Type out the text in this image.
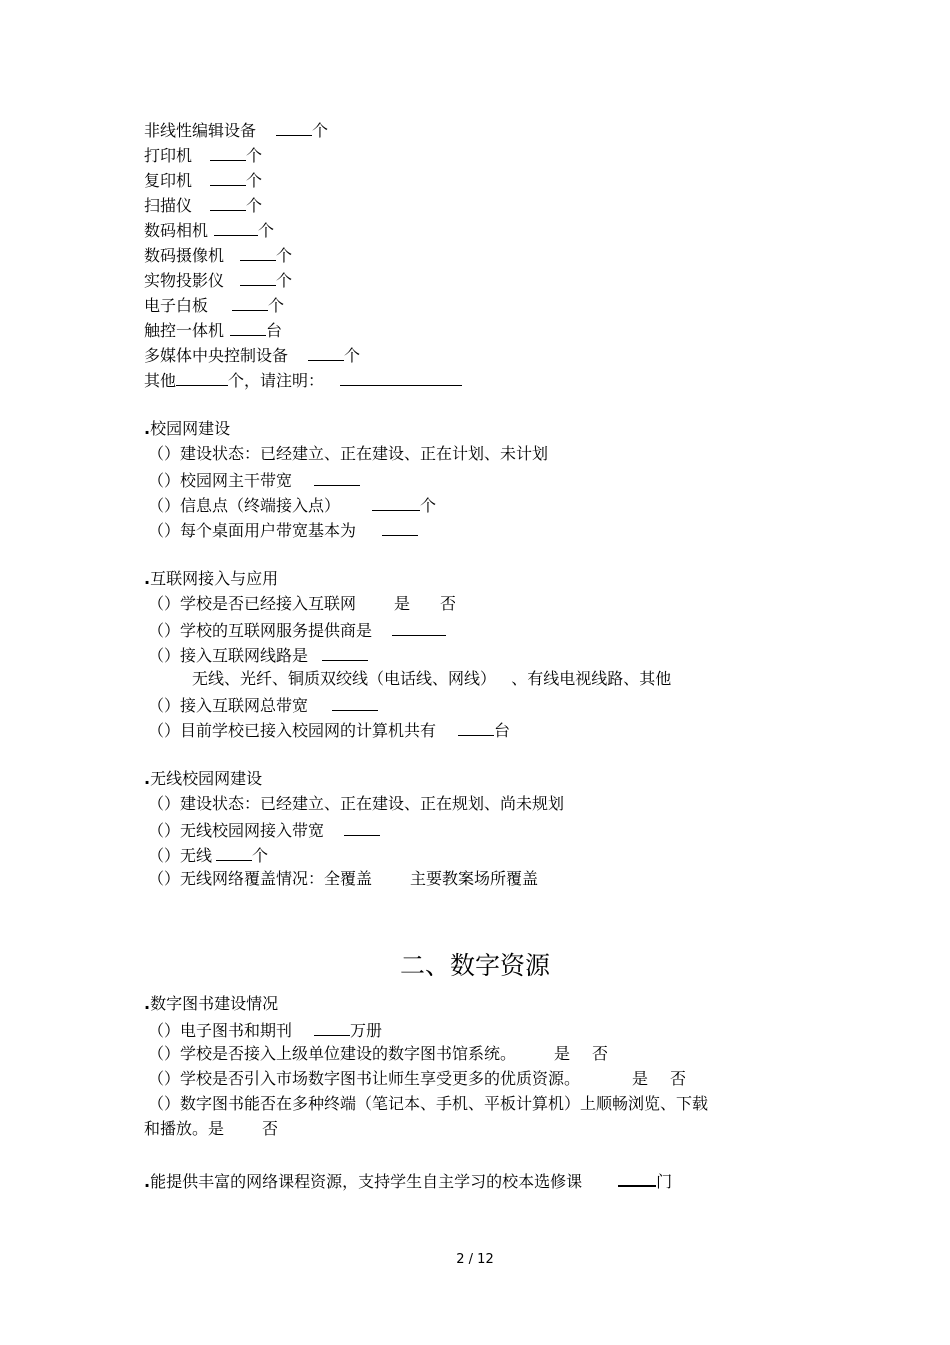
非线性编辑设备	个
打印机	个
复印机	个
扫描仪	个
数码相机	个
数码摄像机	个
实物投影仪	个
电子白板	个
触控一体机	台
多媒体中央控制设备	个
其他	个，请注明：
.校园网建设
（）建设状态：已经建立、正在建设、正在计划、未计划
（）校园网主干带宽
（）信息点（终端接入点）	个
（）每个桌面用户带宽基本为
.互联网接入与应用
（）学校是否已经接入互联网 是 否
（）学校的互联网服务提供商是
（）接入互联网线路是
无线、光纤、铜质双绞线（电话线、网线）   、有线电视线路、其他
（）接入互联网总带宽
（）目前学校已接入校园网的计算机共有	台
.无线校园网建设
（）建设状态：已经建立、正在建设、正在规划、尚未规划
（）无线校园网接入带宽
（）无线	个
（）无线网络覆盖情况：全覆盖 主要教案场所覆盖
二、数字资源
.数字图书建设情况
（）电子图书和期刊	万册
（）学校是否接入上级单位建设的数字图书馆系统。 是 否
（）学校是否引入市场数字图书让师生享受更多的优质资源。	是 否
（）数字图书能否在多种终端（笔记本、手机、平板计算机）上顺畅浏览、下载
和播放。是 否
.能提供丰富的网络课程资源，支持学生自主学习的校本选修课	门
2 / 12
